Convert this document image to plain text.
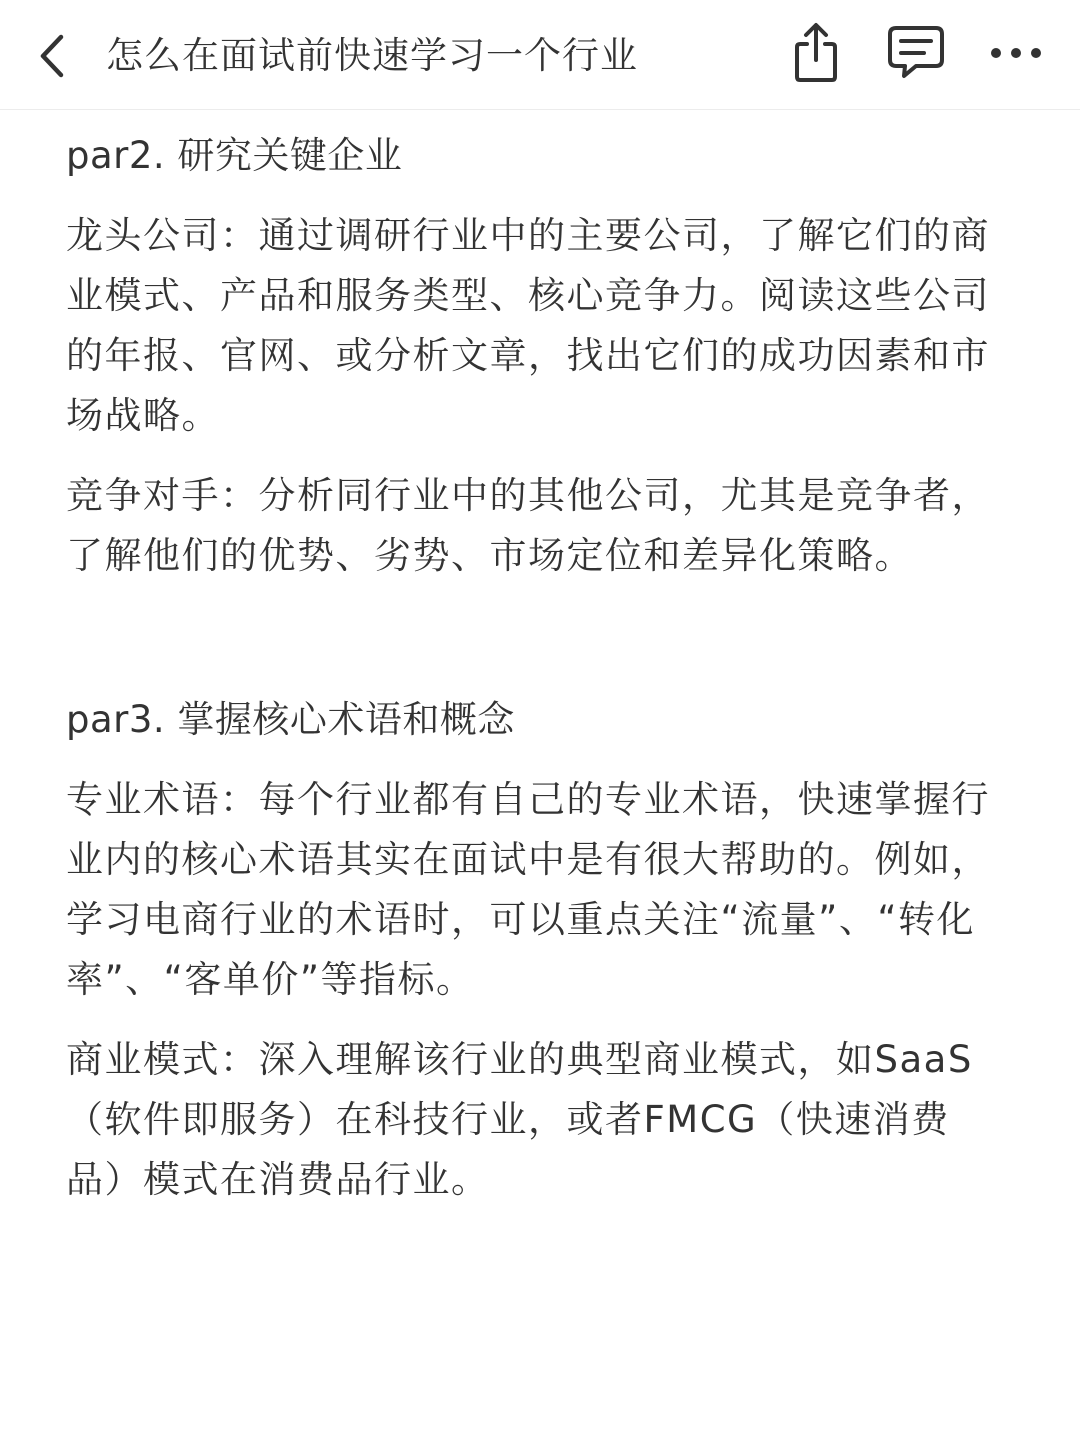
怎么在面试前快速学习一个行业
par2. 研究关键企业

龙头公司：通过调研行业中的主要公司，了解它们的商业模式、产品和服务类型、核心竞争力。阅读这些公司的年报、官网、或分析文章，找出它们的成功因素和市场战略。

竞争对手：分析同行业中的其他公司，尤其是竞争者，了解他们的优势、劣势、市场定位和差异化策略。

par3. 掌握核心术语和概念

专业术语：每个行业都有自己的专业术语，快速掌握行业内的核心术语其实在面试中是有很大帮助的。例如，学习电商行业的术语时，可以重点关注“流量”、“转化率”、“客单价”等指标。

商业模式：深入理解该行业的典型商业模式，如SaaS（软件即服务）在科技行业，或者FMCG（快速消费品）模式在消费品行业。
